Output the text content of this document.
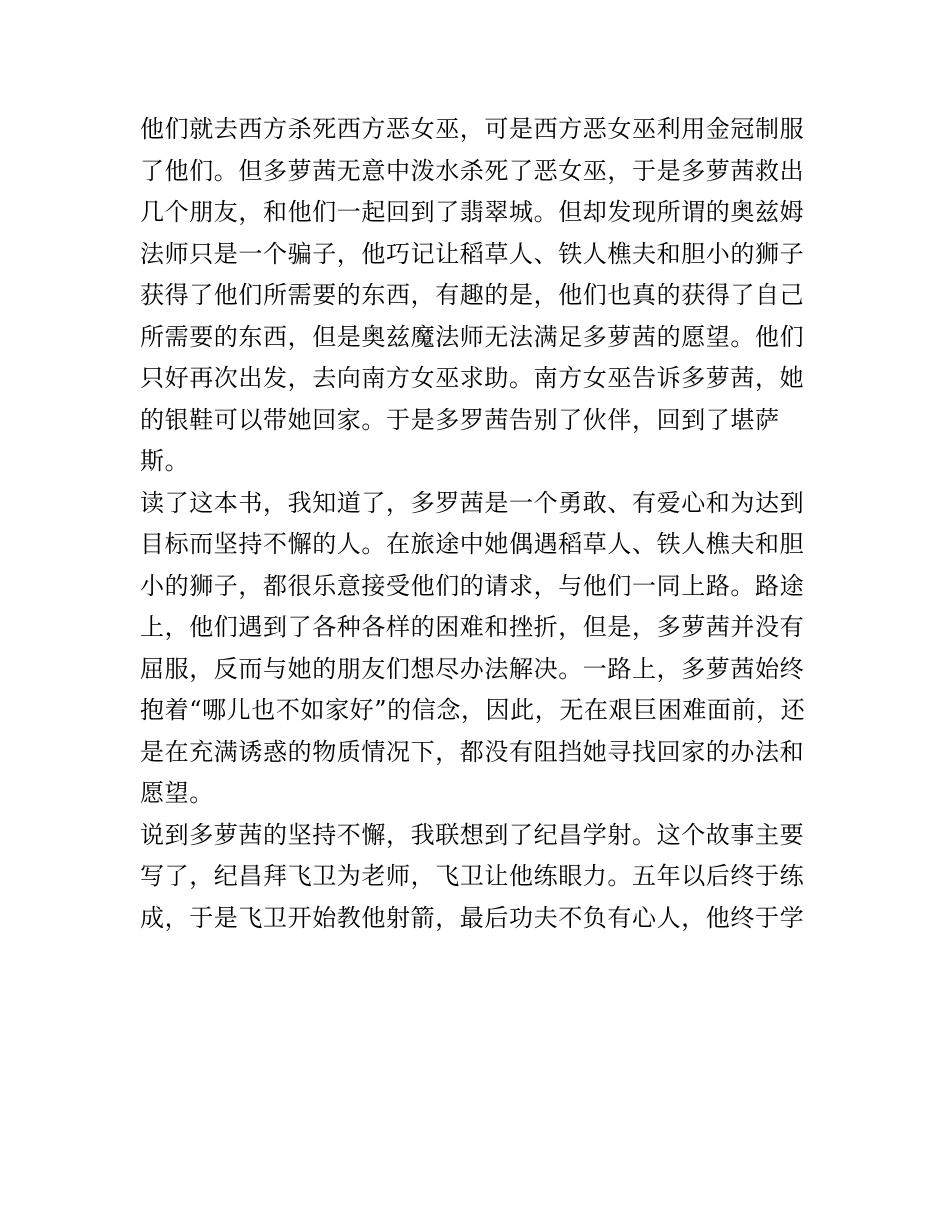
他们就去西方杀死西方恶女巫，可是西方恶女巫利用金冠制服
了他们。但多萝茜无意中泼水杀死了恶女巫，于是多萝茜救出
几个朋友，和他们一起回到了翡翠城。但却发现所谓的奥兹姆
法师只是一个骗子，他巧记让稻草人、铁人樵夫和胆小的狮子
获得了他们所需要的东西，有趣的是，他们也真的获得了自己
所需要的东西，但是奥兹魔法师无法满足多萝茜的愿望。他们
只好再次出发，去向南方女巫求助。南方女巫告诉多萝茜，她
的银鞋可以带她回家。于是多罗茜告别了伙伴，回到了堪萨
斯。
读了这本书，我知道了，多罗茜是一个勇敢、有爱心和为达到
目标而坚持不懈的人。在旅途中她偶遇稻草人、铁人樵夫和胆
小的狮子，都很乐意接受他们的请求，与他们一同上路。路途
上，他们遇到了各种各样的困难和挫折，但是，多萝茜并没有
屈服，反而与她的朋友们想尽办法解决。一路上，多萝茜始终
抱着“哪儿也不如家好”的信念，因此，无在艰巨困难面前，还
是在充满诱惑的物质情况下，都没有阻挡她寻找回家的办法和
愿望。
说到多萝茜的坚持不懈，我联想到了纪昌学射。这个故事主要
写了，纪昌拜飞卫为老师，飞卫让他练眼力。五年以后终于练
成，于是飞卫开始教他射箭，最后功夫不负有心人，他终于学
